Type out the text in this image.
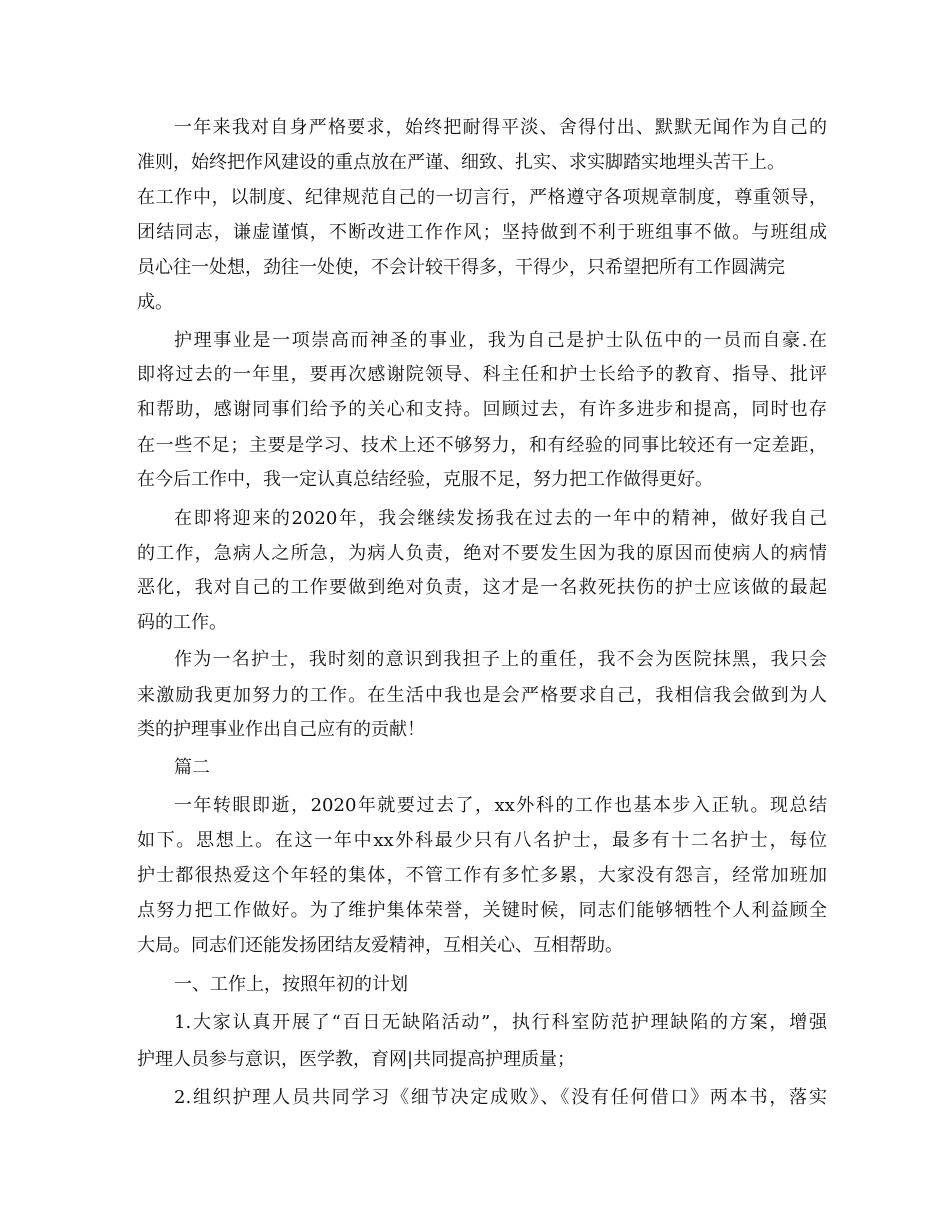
一年来我对自身严格要求，始终把耐得平淡、舍得付出、默默无闻作为自己的

准则，始终把作风建设的重点放在严谨、细致、扎实、求实脚踏实地埋头苦干上。

在工作中，以制度、纪律规范自己的一切言行，严格遵守各项规章制度，尊重领导，

团结同志，谦虚谨慎，不断改进工作作风；坚持做到不利于班组事不做。与班组成

员心往一处想，劲往一处使，不会计较干得多，干得少，只希望把所有工作圆满完

成。

护理事业是一项崇高而神圣的事业，我为自己是护士队伍中的一员而自豪.在

即将过去的一年里，要再次感谢院领导、科主任和护士长给予的教育、指导、批评

和帮助，感谢同事们给予的关心和支持。回顾过去，有许多进步和提高，同时也存

在一些不足；主要是学习、技术上还不够努力，和有经验的同事比较还有一定差距，

在今后工作中，我一定认真总结经验，克服不足，努力把工作做得更好。

在即将迎来的2020年，我会继续发扬我在过去的一年中的精神，做好我自己

的工作，急病人之所急，为病人负责，绝对不要发生因为我的原因而使病人的病情

恶化，我对自己的工作要做到绝对负责，这才是一名救死扶伤的护士应该做的最起

码的工作。

作为一名护士，我时刻的意识到我担子上的重任，我不会为医院抹黑，我只会

来激励我更加努力的工作。在生活中我也是会严格要求自己，我相信我会做到为人

类的护理事业作出自己应有的贡献！

篇二

一年转眼即逝，2020年就要过去了，xx外科的工作也基本步入正轨。现总结

如下。思想上。在这一年中xx外科最少只有八名护士，最多有十二名护士，每位

护士都很热爱这个年轻的集体，不管工作有多忙多累，大家没有怨言，经常加班加

点努力把工作做好。为了维护集体荣誉，关键时候，同志们能够牺牲个人利益顾全

大局。同志们还能发扬团结友爱精神，互相关心、互相帮助。

一、工作上，按照年初的计划

1.大家认真开展了“百日无缺陷活动”，执行科室防范护理缺陷的方案，增强

护理人员参与意识，医学教，育网|共同提高护理质量；

2.组织护理人员共同学习《细节决定成败》、《没有任何借口》两本书，落实
